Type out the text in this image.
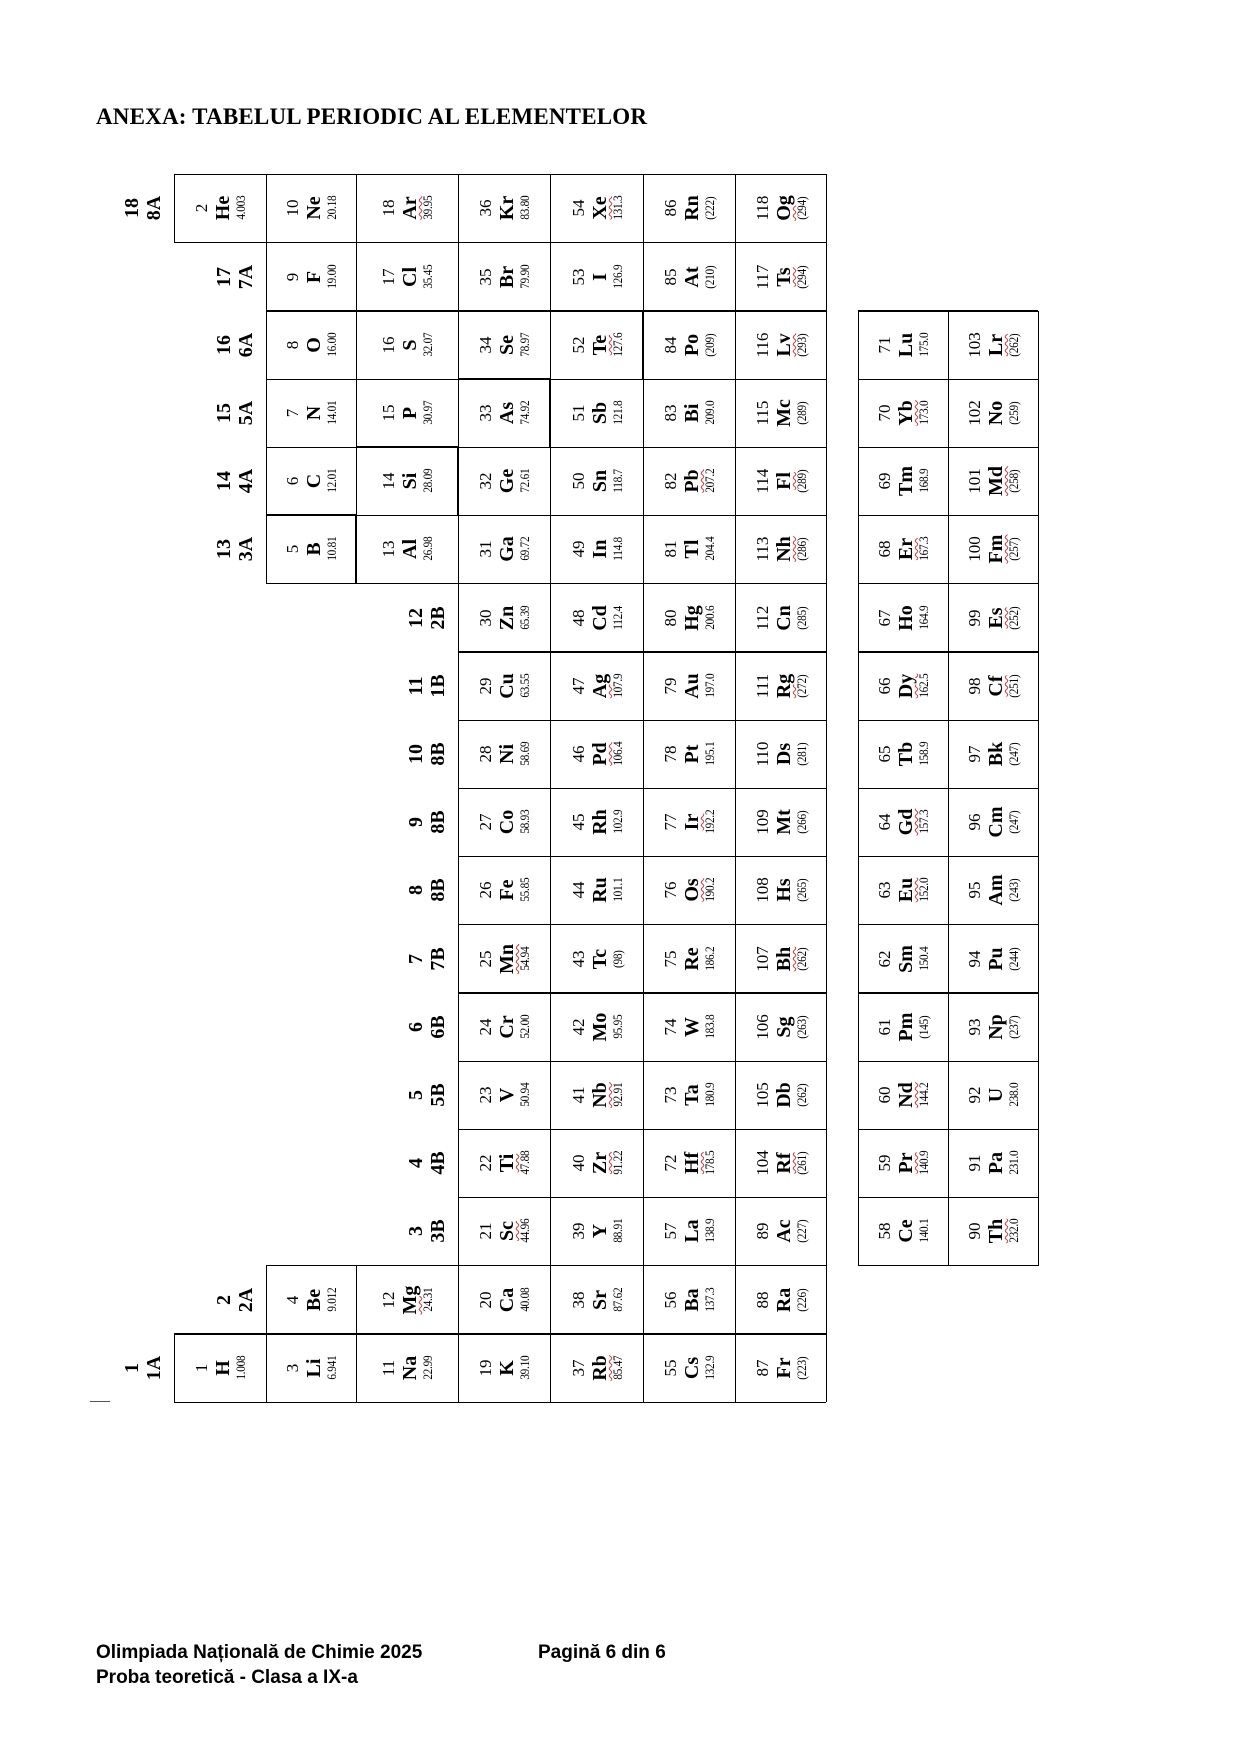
ANEXA: TABELUL PERIODIC AL ELEMENTELOR
1 H 1.008
2 He 4.003
3 Li 6.941
4 Be 9.012
5 B 10.81
6 C 12.01
7 N 14.01
8 O 16.00
9 F 19.00
10 Ne 20.18
11 Na 22.99
12 Mg 24.31
13 Al 26.98
14 Si 28.09
15 P 30.97
16 S 32.07
17 Cl 35.45
18 Ar 39.95
19 K 39.10
20 Ca 40.08
21 Sc 44.96
22 Ti 47.88
23 V 50.94
24 Cr 52.00
25 Mn 54.94
26 Fe 55.85
27 Co 58.93
28 Ni 58.69
29 Cu 63.55
30 Zn 65.39
31 Ga 69.72
32 Ge 72.61
33 As 74.92
34 Se 78.97
35 Br 79.90
36 Kr 83.80
37 Rb 85.47
38 Sr 87.62
39 Y 88.91
40 Zr 91.22
41 Nb 92.91
42 Mo 95.95
43 Tc (98)
44 Ru 101.1
45 Rh 102.9
46 Pd 106.4
47 Ag 107.9
48 Cd 112.4
49 In 114.8
50 Sn 118.7
51 Sb 121.8
52 Te 127.6
53 I 126.9
54 Xe 131.3
55 Cs 132.9
56 Ba 137.3
57 La 138.9
72 Hf 178.5
73 Ta 180.9
74 W 183.8
75 Re 186.2
76 Os 190.2
77 Ir 192.2
78 Pt 195.1
79 Au 197.0
80 Hg 200.6
81 Tl 204.4
82 Pb 207.2
83 Bi 209.0
84 Po (209)
85 At (210)
86 Rn (222)
87 Fr (223)
88 Ra (226)
89 Ac (227)
104 Rf (261)
105 Db (262)
106 Sg (263)
107 Bh (262)
108 Hs (265)
109 Mt (266)
110 Ds (281)
111 Rg (272)
112 Cn (285)
113 Nh (286)
114 Fl (289)
115 Mc (289)
116 Lv (293)
117 Ts (294)
118 Og (294)
1 1A
2 2A
3 3B
4 4B
5 5B
6 6B
7 7B
8 8B
9 8B
10 8B
11 1B
12 2B
13 3A
14 4A
15 5A
16 6A
17 7A
18 8A
58 Ce 140.1
59 Pr 140.9
60 Nd 144.2
61 Pm (145)
62 Sm 150.4
63 Eu 152.0
64 Gd 157.3
65 Tb 158.9
66 Dy 162.5
67 Ho 164.9
68 Er 167.3
69 Tm 168.9
70 Yb 173.0
71 Lu 175.0
90 Th 232.0
91 Pa 231.0
92 U 238.0
93 Np (237)
94 Pu (244)
95 Am (243)
96 Cm (247)
97 Bk (247)
98 Cf (251)
99 Es (252)
100 Fm (257)
101 Md (258)
102 No (259)
103 Lr (262)
Olimpiada Națională de Chimie 2025
Proba teoretică - Clasa a IX-a
Pagină 6 din 6
